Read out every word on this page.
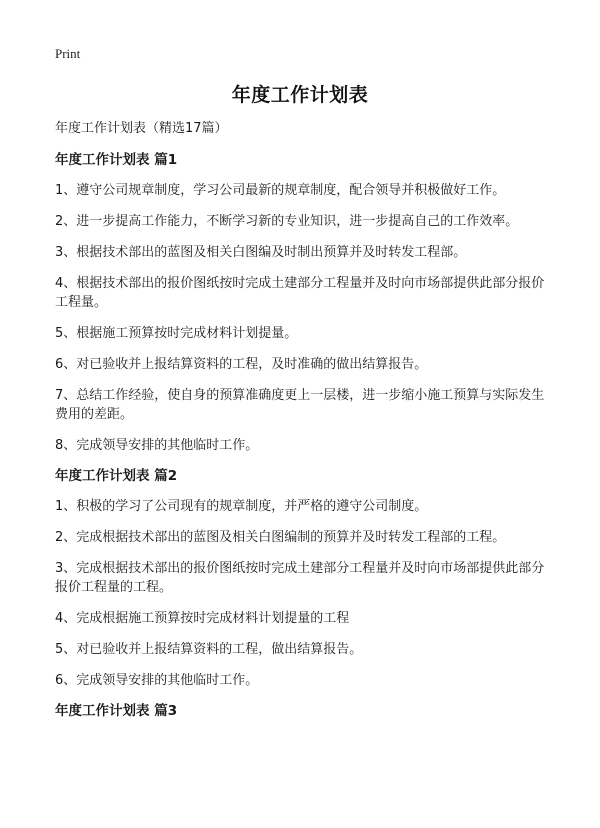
Print
年度工作计划表

年度工作计划表（精选17篇）

年度工作计划表 篇1

1、遵守公司规章制度，学习公司最新的规章制度，配合领导并积极做好工作。

2、进一步提高工作能力，不断学习新的专业知识，进一步提高自己的工作效率。

3、根据技术部出的蓝图及相关白图编及时制出预算并及时转发工程部。

4、根据技术部出的报价图纸按时完成土建部分工程量并及时向市场部提供此部分报价工程量。

5、根据施工预算按时完成材料计划提量。

6、对已验收并上报结算资料的工程，及时准确的做出结算报告。

7、总结工作经验，使自身的预算准确度更上一层楼，进一步缩小施工预算与实际发生费用的差距。

8、完成领导安排的其他临时工作。

年度工作计划表 篇2

1、积极的学习了公司现有的规章制度，并严格的遵守公司制度。

2、完成根据技术部出的蓝图及相关白图编制的预算并及时转发工程部的工程。

3、完成根据技术部出的报价图纸按时完成土建部分工程量并及时向市场部提供此部分报价工程量的工程。

4、完成根据施工预算按时完成材料计划提量的工程

5、对已验收并上报结算资料的工程，做出结算报告。

6、完成领导安排的其他临时工作。

年度工作计划表 篇3
